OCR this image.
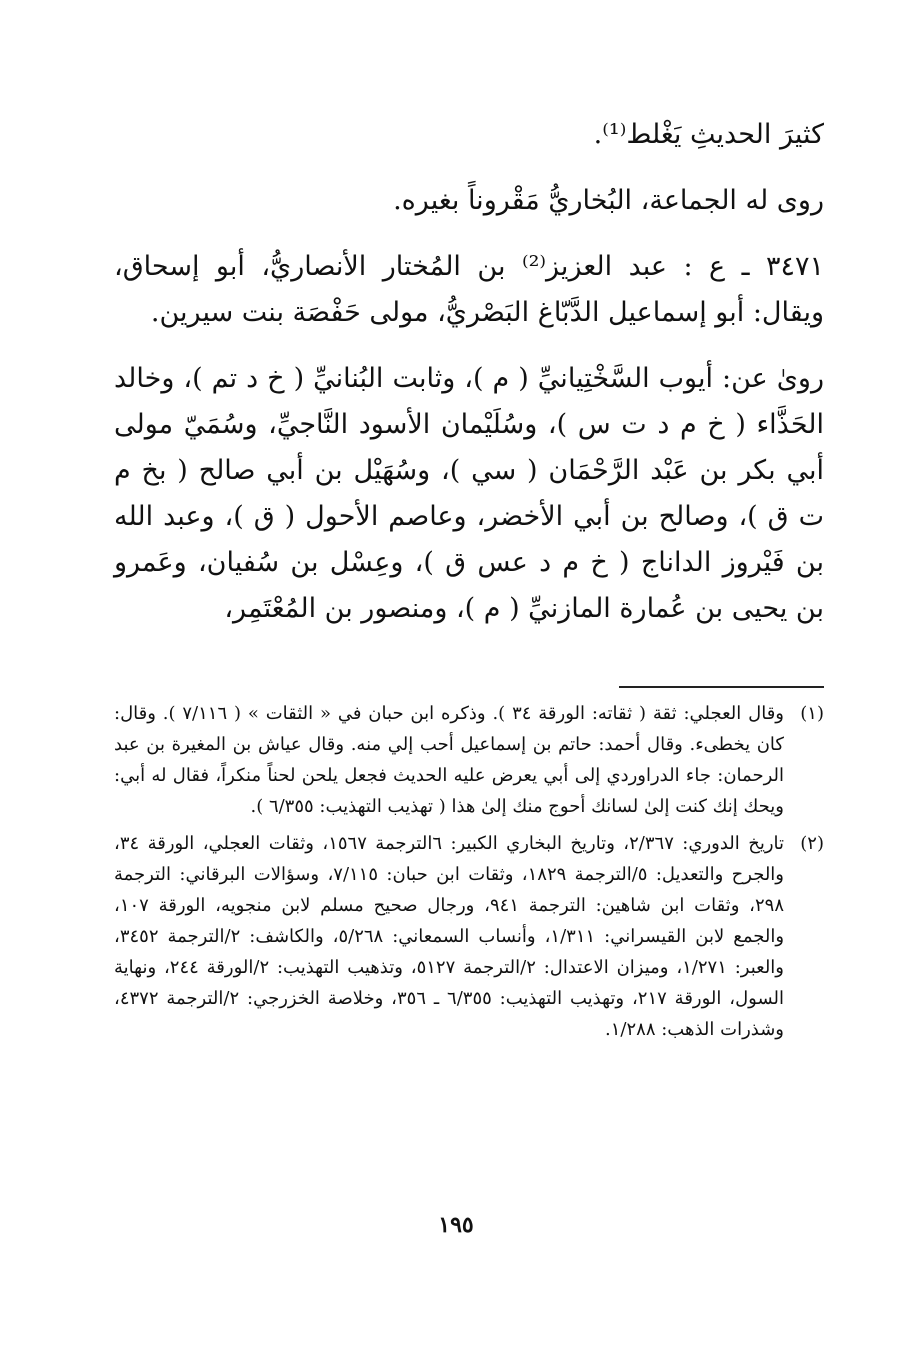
كثيرَ الحديثِ يَغْلط⁽¹⁾.

روى له الجماعة، البُخاريُّ مَقْروناً بغيره.

٣٤٧١ ـ ع : عبد العزيز⁽²⁾ بن المُختار الأنصاريُّ، أبو إسحاق، ويقال: أبو إسماعيل الدَّبّاغ البَصْريُّ، مولى حَفْصَة بنت سيرين.

روىٰ عن: أيوب السَّخْتِيانيِّ ( م )، وثابت البُنانيِّ ( خ د تم )، وخالد الحَذَّاء ( خ م د ت س )، وسُلَيْمان الأسود النَّاجيِّ، وسُمَيّ مولى أبي بكر بن عَبْد الرَّحْمَان ( سي )، وسُهَيْل بن أبي صالح ( بخ م ت ق )، وصالح بن أبي الأخضر، وعاصم الأحول ( ق )، وعبد الله بن فَيْروز الداناج ( خ م د عس ق )، وعِسْل بن سُفيان، وعَمرو بن يحيى بن عُمارة المازنيِّ ( م )، ومنصور بن المُعْتَمِر،

(١)

وقال العجلي: ثقة ( ثقاته: الورقة ٣٤ ). وذكره ابن حبان في « الثقات » ( ٧/١١٦ ). وقال: كان يخطىء. وقال أحمد: حاتم بن إسماعيل أحب إلي منه. وقال عياش بن المغيرة بن عبد الرحمان: جاء الدراوردي إلى أبي يعرض عليه الحديث فجعل يلحن لحناً منكراً، فقال له أبي: ويحك إنك كنت إلىٰ لسانك أحوج منك إلىٰ هذا ( تهذيب التهذيب: ٦/٣٥٥ ).

(٢)

تاريخ الدوري: ٢/٣٦٧، وتاريخ البخاري الكبير: ٦الترجمة ١٥٦٧، وثقات العجلي، الورقة ٣٤، والجرح والتعديل: ٥/الترجمة ١٨٢٩، وثقات ابن حبان: ٧/١١٥، وسؤالات البرقاني: الترجمة ٢٩٨، وثقات ابن شاهين: الترجمة ٩٤١، ورجال صحيح مسلم لابن منجويه، الورقة ١٠٧، والجمع لابن القيسراني: ١/٣١١، وأنساب السمعاني: ٥/٢٦٨، والكاشف: ٢/الترجمة ٣٤٥٢، والعبر: ١/٢٧١، وميزان الاعتدال: ٢/الترجمة ٥١٢٧، وتذهيب التهذيب: ٢/الورقة ٢٤٤، ونهاية السول، الورقة ٢١٧، وتهذيب التهذيب: ٦/٣٥٥ ـ ٣٥٦، وخلاصة الخزرجي: ٢/الترجمة ٤٣٧٢، وشذرات الذهب: ١/٢٨٨.

١٩٥
